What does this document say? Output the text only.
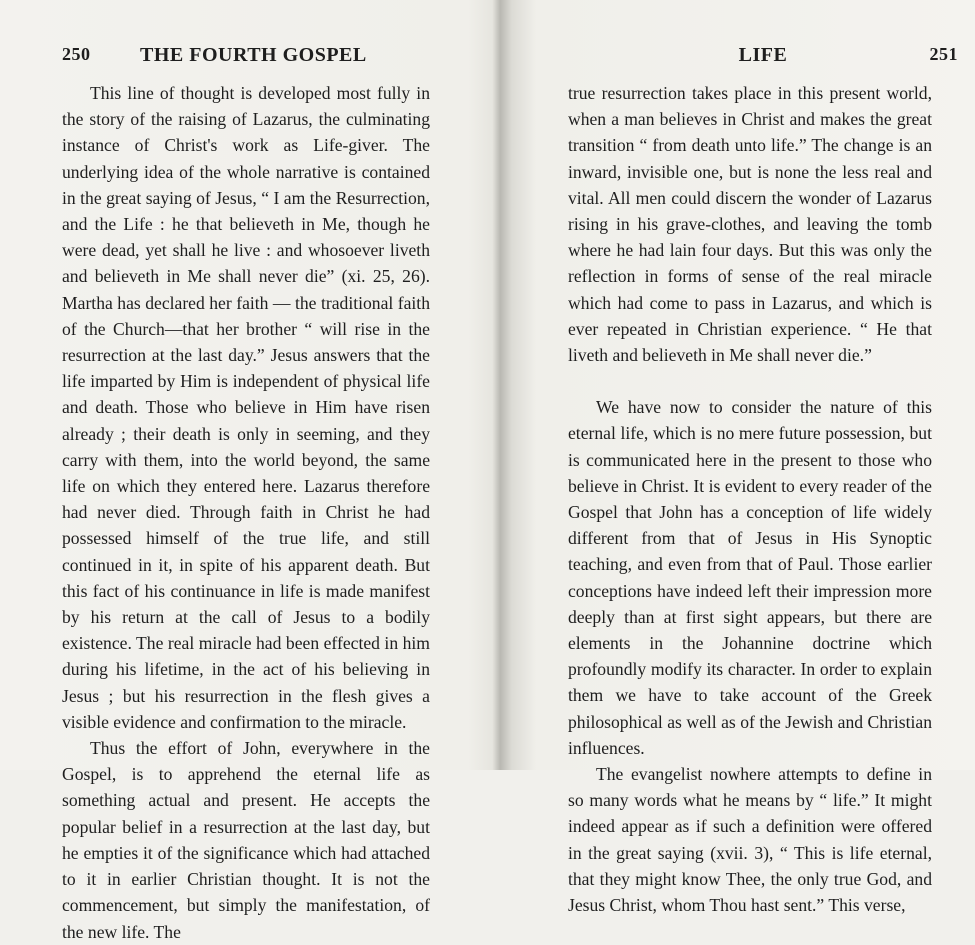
250 THE FOURTH GOSPEL

This line of thought is developed most fully in the story of the raising of Lazarus, the culminating instance of Christ's work as Life-giver. The underlying idea of the whole narrative is contained in the great saying of Jesus, “ I am the Resurrection, and the Life : he that believeth in Me, though he were dead, yet shall he live : and whosoever liveth and believeth in Me shall never die” (xi. 25, 26). Martha has declared her faith — the traditional faith of the Church—that her brother “ will rise in the resurrection at the last day.” Jesus answers that the life imparted by Him is independent of physical life and death. Those who believe in Him have risen already ; their death is only in seeming, and they carry with them, into the world beyond, the same life on which they entered here. Lazarus therefore had never died. Through faith in Christ he had possessed himself of the true life, and still continued in it, in spite of his apparent death. But this fact of his continuance in life is made manifest by his return at the call of Jesus to a bodily existence. The real miracle had been effected in him during his lifetime, in the act of his believing in Jesus ; but his resurrection in the flesh gives a visible evidence and confirmation to the miracle.

Thus the effort of John, everywhere in the Gospel, is to apprehend the eternal life as something actual and present. He accepts the popular belief in a resurrection at the last day, but he empties it of the significance which had attached to it in earlier Christian thought. It is not the commencement, but simply the manifestation, of the new life. The

LIFE	251

true resurrection takes place in this present world, when a man believes in Christ and makes the great transition “ from death unto life.” The change is an inward, invisible one, but is none the less real and vital. All men could discern the wonder of Lazarus rising in his grave-clothes, and leaving the tomb where he had lain four days. But this was only the reflection in forms of sense of the real miracle which had come to pass in Lazarus, and which is ever repeated in Christian experience. “ He that liveth and believeth in Me shall never die.”

We have now to consider the nature of this eternal life, which is no mere future possession, but is communicated here in the present to those who believe in Christ. It is evident to every reader of the Gospel that John has a conception of life widely different from that of Jesus in His Synoptic teaching, and even from that of Paul. Those earlier conceptions have indeed left their impression more deeply than at first sight appears, but there are elements in the Johannine doctrine which profoundly modify its character. In order to explain them we have to take account of the Greek philosophical as well as of the Jewish and Christian influences.

The evangelist nowhere attempts to define in so many words what he means by “ life.” It might indeed appear as if such a definition were offered in the great saying (xvii. 3), “ This is life eternal, that they might know Thee, the only true God, and Jesus Christ, whom Thou hast sent.” This verse,
